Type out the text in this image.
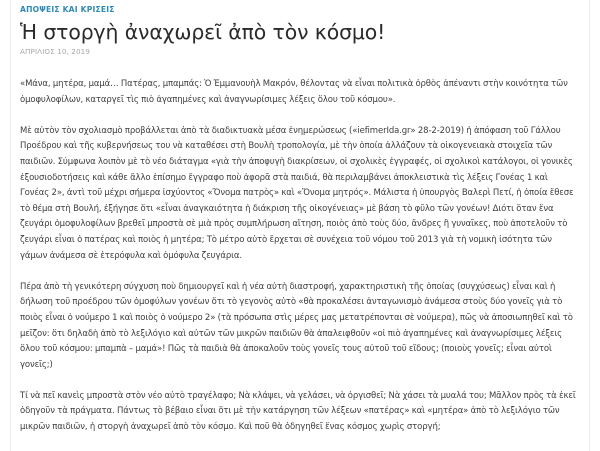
ΑΠΟΨΕΙΣ ΚΑΙ ΚΡΙΣΕΙΣ
Ἡ στοργὴ ἀναχωρεῖ ἀπὸ τὸν κόσμο!
ΑΠΡΙΛΙΟΣ 10, 2019

«Μάνα, μητέρα, μαμά… Πατέρας, μπαμπάς: Ὁ Ἐμμανουὴλ Μακρόν, θέλοντας νὰ εἶναι πολιτικὰ ὀρθὸς ἀπέναντι στὴν κοινότητα τῶν ὁμοφυλοφίλων, καταργεῖ τὶς πιὸ ἀγαπημένες καὶ ἀναγνωρίσιμες λέξεις ὅλου τοῦ κόσμου».

Μὲ αὐτὸν τὸν σχολιασμὸ προβάλλεται ἀπὸ τὰ διαδικτυακὰ μέσα ἐνημερώσεως («iefimerIda.gr» 28-2-2019) ἡ ἀπόφαση τοῦ Γάλλου Προέδρου καὶ τῆς κυβερνήσεως του νὰ καταθέσει στὴ Βουλὴ τροπολογία, μὲ τὴν ὁποία ἀλλάζουν τὰ οἰκογενειακὰ στοιχεῖα τῶν παιδιῶν. Σύμφωνα λοιπὸν μὲ τὸ νέο διάταγμα «γιὰ τὴν ἀποφυγὴ διακρίσεων, οἱ σχολικὲς ἐγγραφές, οἱ σχολικοὶ κατάλογοι, οἱ γονικὲς ἐξουσιοδοτήσεις καὶ κάθε ἄλλο ἐπίσημο ἔγγραφο ποὺ ἀφορᾶ στὰ παιδιά, θὰ περιλαμβάνει ἀποκλειστικὰ τὶς λέξεις Γονέας 1 καὶ Γονέας 2», ἀντὶ τοῦ μέχρι σήμερα ἰσχύοντος «Ὄνομα πατρὸς» καὶ «Ὄνομα μητρός». Μάλιστα ἡ ὑπουργὸς Βαλερὶ Πετί, ἡ ὁποία ἔθεσε τὸ θέμα στὴ Βουλή, ἐξήγησε ὅτι «εἶναι ἀναγκαιότητα ἡ διάκριση τῆς οἰκογένειας» μὲ βάση τὸ φῦλο τῶν γονέων! Διότι ὅταν ἕνα ζευγάρι ὁμοφυλοφίλων βρεθεῖ μπροστὰ σὲ μιὰ πρὸς συμπλήρωση αἴτηση, ποιὸς ἀπὸ τοὺς δύο, ἄνδρες ἢ γυναῖκες, ποὺ ἀποτελοῦν τὸ ζευγάρι εἶναι ὁ πατέρας καὶ ποιὸς ἡ μητέρα; Τὸ μέτρο αὐτὸ ἔρχεται σὲ συνέχεια τοῦ νόμου τοῦ 2013 γιὰ τὴ νομικὴ ἰσότητα τῶν γάμων ἀνάμεσα σὲ ἑτερόφυλα καὶ ὁμόφυλα ζευγάρια.

Πέρα ἀπὸ τὴ γενικότερη σύγχυση ποὺ δημιουργεῖ καὶ ἡ νέα αὐτὴ διαστροφή, χαρακτηριστικὴ τῆς ὁποίας (συγχύσεως) εἶναι καὶ ἡ δήλωση τοῦ προέδρου τῶν ὁμοφύλων γονέων ὅτι τὸ γεγονὸς αὐτὸ «θὰ προκαλέσει ἀνταγωνισμὸ ἀνάμεσα στοὺς δύο γονεῖς γιὰ τὸ ποιὸς εἶναι ὁ νούμερο 1 καὶ ποιὸς ὁ νούμερο 2» (τὰ πρόσωπα στὶς μέρες μας μετατρέπονται σὲ νούμερα), πῶς νὰ ἀποσιωπηθεῖ καὶ τὸ μεῖζον: ὅτι δηλαδὴ ἀπὸ τὸ λεξιλόγιο καὶ αὐτῶν τῶν μικρῶν παιδιῶν θὰ ἀπαλειφθοῦν «οἱ πιὸ ἀγαπημένες καὶ ἀναγνωρίσιμες λέξεις ὅλου τοῦ κόσμου: μπαμπὰ – μαμά»! Πῶς τὰ παιδιὰ θὰ ἀποκαλοῦν τοὺς γονεῖς τους αὐτοῦ τοῦ εἴδους; (ποιοὺς γονεῖς; εἶναι αὐτοὶ γονεῖς;)

Τί νὰ πεῖ κανεὶς μπροστὰ στὸν νέο αὐτὸ τραγέλαφο; Νὰ κλάψει, νὰ γελάσει, νὰ ὀργισθεῖ; Νὰ χάσει τὰ μυαλά του; Μᾶλλον πρὸς τὰ ἐκεῖ ὁδηγοῦν τὰ πράγματα. Πάντως τὸ βέβαιο εἶναι ὅτι μὲ τὴν κατάργηση τῶν λέξεων «πατέρας» καὶ «μητέρα» ἀπὸ τὸ λεξιλόγιο τῶν μικρῶν παιδιῶν, ἡ στοργὴ ἀναχωρεῖ ἀπὸ τὸν κόσμο. Καὶ ποῦ θὰ ὁδηγηθεῖ ἕνας κόσμος χωρὶς στοργή;
